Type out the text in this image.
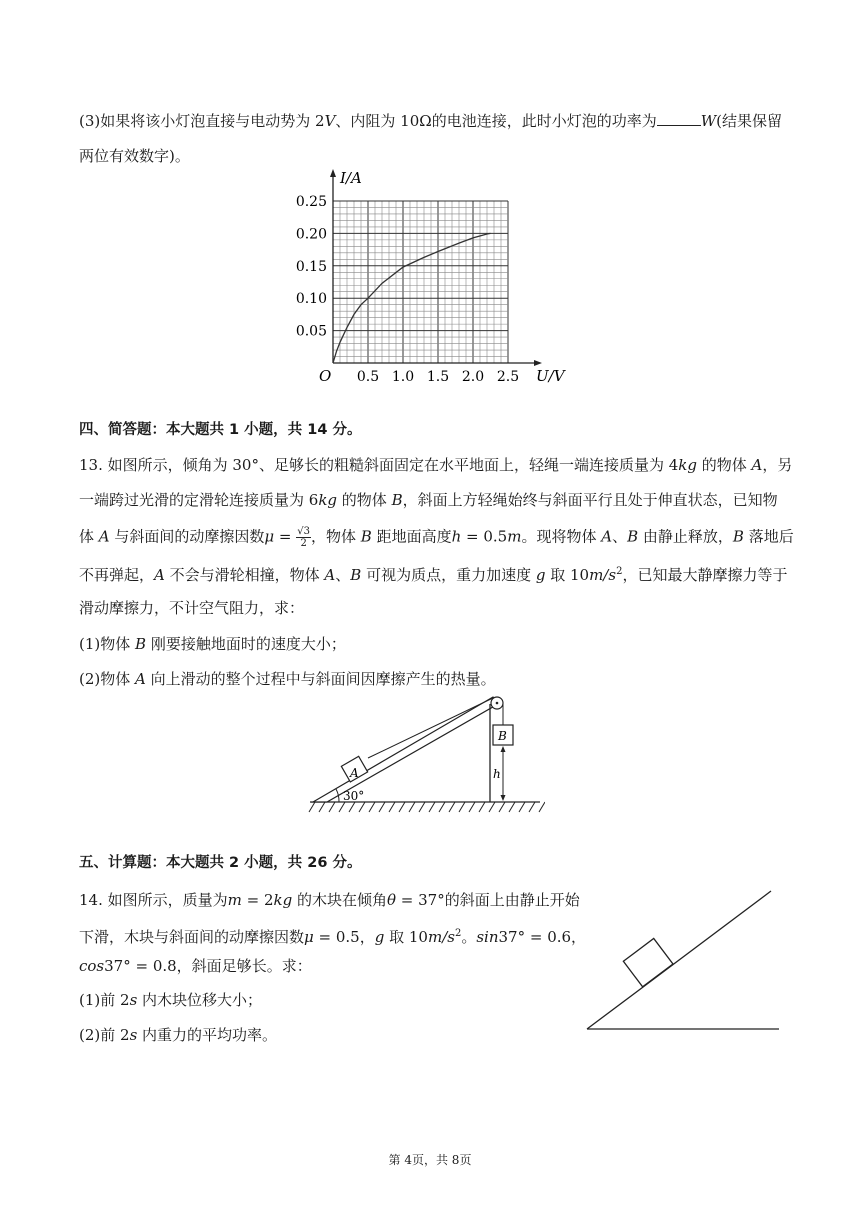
(3)如果将该小灯泡直接与电动势为 2V、内阻为 10Ω的电池连接，此时小灯泡的功率为	W(结果保留
两位有效数字)。
0.5 1.0 1.5 2.0 2.5
0.05
0.10
0.15
0.20
0.25
I/A
U/V
O
四、简答题：本大题共 1 小题，共 14 分。
13. 如图所示，倾角为 30°、足够长的粗糙斜面固定在水平地面上，轻绳一端连接质量为 4kg 的物体 A，另
一端跨过光滑的定滑轮连接质量为 6kg 的物体 B，斜面上方轻绳始终与斜面平行且处于伸直状态，已知物
体 A 与斜面间的动摩擦因数$\mu = \frac{√3}{2}$ ，物体 B 距地面高度h = 0.5m。现将物体 A、B 由静止释放，B 落地后
不再弹起，A 不会与滑轮相撞，物体 A、B 可视为质点，重力加速度 g 取 $10m/s^2$，已知最大静摩擦力等于
滑动摩擦力，不计空气阻力，求：
(1)物体 B 刚要接触地面时的速度大小；
(2)物体 A 向上滑动的整个过程中与斜面间因摩擦产生的热量。
A
B
h
30°
五、计算题：本大题共 2 小题，共 26 分。
14. 如图所示，质量为m = 2kg 的木块在倾角θ = 37°的斜面上由静止开始
下滑，木块与斜面间的动摩擦因数μ = 0.5，g 取 $10m/s^2$。sin37° = 0.6，
cos37° = 0.8，斜面足够长。求：
(1)前 2s 内木块位移大小；
(2)前 2s 内重力的平均功率。
第 4页，共 8页
